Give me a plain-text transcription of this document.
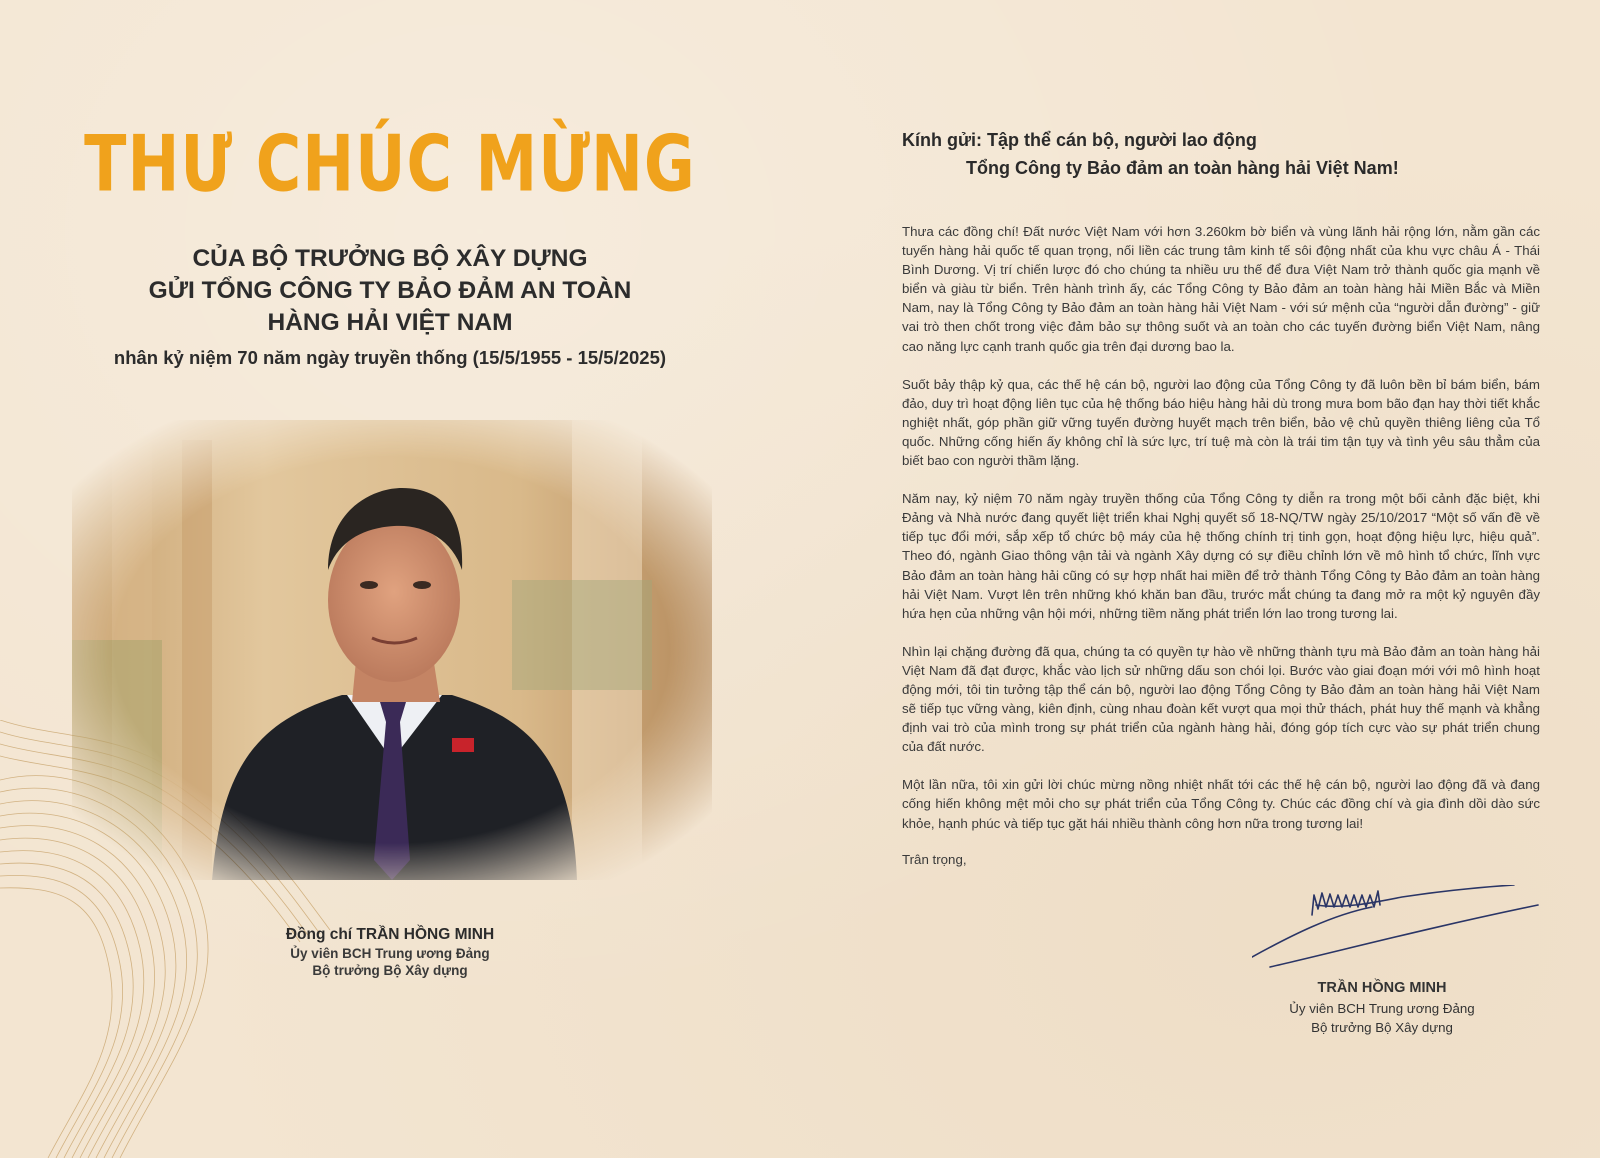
THƯ CHÚC MỪNG
CỦA BỘ TRƯỞNG BỘ XÂY DỰNG
GỬI TỔNG CÔNG TY BẢO ĐẢM AN TOÀN
HÀNG HẢI VIỆT NAM
nhân kỷ niệm 70 năm ngày truyền thống (15/5/1955 - 15/5/2025)
Đồng chí TRẦN HỒNG MINH
Ủy viên BCH Trung ương Đảng
Bộ trưởng Bộ Xây dựng
Kính gửi: Tập thể cán bộ, người lao động
Tổng Công ty Bảo đảm an toàn hàng hải Việt Nam!

Thưa các đồng chí! Đất nước Việt Nam với hơn 3.260km bờ biển và vùng lãnh hải rộng lớn, nằm gần các tuyến hàng hải quốc tế quan trọng, nối liền các trung tâm kinh tế sôi động nhất của khu vực châu Á - Thái Bình Dương. Vị trí chiến lược đó cho chúng ta nhiều ưu thế để đưa Việt Nam trở thành quốc gia mạnh về biển và giàu từ biển. Trên hành trình ấy, các Tổng Công ty Bảo đảm an toàn hàng hải Miền Bắc và Miền Nam, nay là Tổng Công ty Bảo đảm an toàn hàng hải Việt Nam - với sứ mệnh của “người dẫn đường” - giữ vai trò then chốt trong việc đảm bảo sự thông suốt và an toàn cho các tuyến đường biển Việt Nam, nâng cao năng lực cạnh tranh quốc gia trên đại dương bao la.

Suốt bảy thập kỷ qua, các thế hệ cán bộ, người lao động của Tổng Công ty đã luôn bền bỉ bám biển, bám đảo, duy trì hoạt động liên tục của hệ thống báo hiệu hàng hải dù trong mưa bom bão đạn hay thời tiết khắc nghiệt nhất, góp phần giữ vững tuyến đường huyết mạch trên biển, bảo vệ chủ quyền thiêng liêng của Tổ quốc. Những cống hiến ấy không chỉ là sức lực, trí tuệ mà còn là trái tim tận tụy và tình yêu sâu thẳm của biết bao con người thầm lặng.

Năm nay, kỷ niệm 70 năm ngày truyền thống của Tổng Công ty diễn ra trong một bối cảnh đặc biệt, khi Đảng và Nhà nước đang quyết liệt triển khai Nghị quyết số 18-NQ/TW ngày 25/10/2017 “Một số vấn đề về tiếp tục đổi mới, sắp xếp tổ chức bộ máy của hệ thống chính trị tinh gọn, hoạt động hiệu lực, hiệu quả”. Theo đó, ngành Giao thông vận tải và ngành Xây dựng có sự điều chỉnh lớn về mô hình tổ chức, lĩnh vực Bảo đảm an toàn hàng hải cũng có sự hợp nhất hai miền để trở thành Tổng Công ty Bảo đảm an toàn hàng hải Việt Nam. Vượt lên trên những khó khăn ban đầu, trước mắt chúng ta đang mở ra một kỷ nguyên đầy hứa hẹn của những vận hội mới, những tiềm năng phát triển lớn lao trong tương lai.

Nhìn lại chặng đường đã qua, chúng ta có quyền tự hào về những thành tựu mà Bảo đảm an toàn hàng hải Việt Nam đã đạt được, khắc vào lịch sử những dấu son chói lọi. Bước vào giai đoạn mới với mô hình hoạt động mới, tôi tin tưởng tập thể cán bộ, người lao động Tổng Công ty Bảo đảm an toàn hàng hải Việt Nam sẽ tiếp tục vững vàng, kiên định, cùng nhau đoàn kết vượt qua mọi thử thách, phát huy thế mạnh và khẳng định vai trò của mình trong sự phát triển của ngành hàng hải, đóng góp tích cực vào sự phát triển chung của đất nước.

Một lần nữa, tôi xin gửi lời chúc mừng nồng nhiệt nhất tới các thế hệ cán bộ, người lao động đã và đang cống hiến không mệt mỏi cho sự phát triển của Tổng Công ty. Chúc các đồng chí và gia đình dồi dào sức khỏe, hạnh phúc và tiếp tục gặt hái nhiều thành công hơn nữa trong tương lai!

Trân trọng,
TRẦN HỒNG MINH
Ủy viên BCH Trung ương Đảng
Bộ trưởng Bộ Xây dựng
